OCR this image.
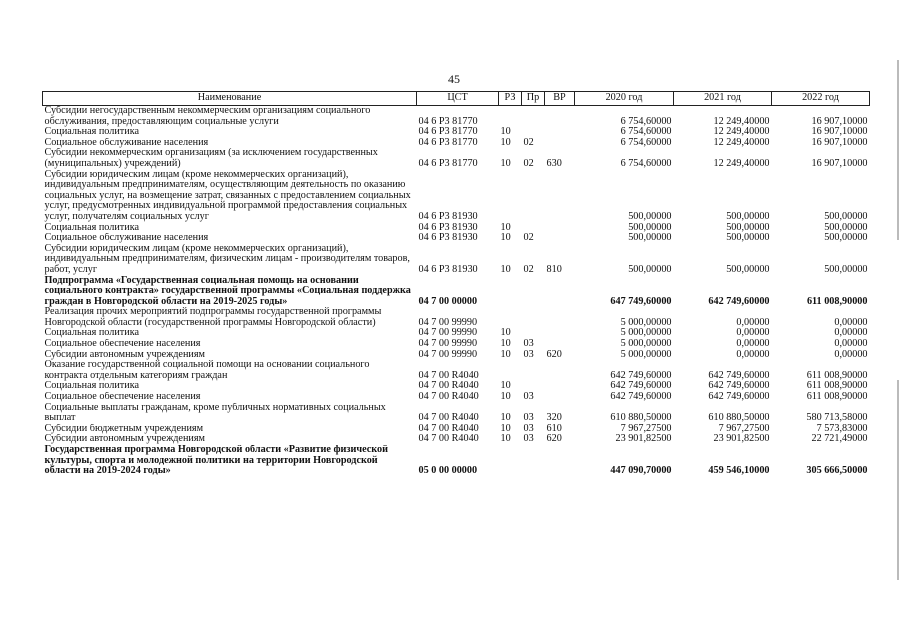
45
Наименование	ЦСТ	РЗ	Пр	ВР	2020 год	2021 год	2022 год
Субсидии негосударственным некоммерческим организациям социального обслуживания, предоставляющим социальные услуги	04 6 P3 81770				6 754,60000	12 249,40000	16 907,10000
Социальная политика	04 6 P3 81770	10			6 754,60000	12 249,40000	16 907,10000
Социальное обслуживание населения	04 6 P3 81770	10	02		6 754,60000	12 249,40000	16 907,10000
Субсидии некоммерческим организациям (за исключением государственных (муниципальных) учреждений)	04 6 P3 81770	10	02	630	6 754,60000	12 249,40000	16 907,10000
Субсидии юридическим лицам (кроме некоммерческих организаций), индивидуальным предпринимателям, осуществляющим деятельность по оказанию социальных услуг, на возмещение затрат, связанных с предоставлением социальных услуг, предусмотренных индивидуальной программой предоставления социальных услуг, получателям социальных услуг	04 6 P3 81930				500,00000	500,00000	500,00000
Социальная политика	04 6 P3 81930	10			500,00000	500,00000	500,00000
Социальное обслуживание населения	04 6 P3 81930	10	02		500,00000	500,00000	500,00000
Субсидии юридическим лицам (кроме некоммерческих организаций), индивидуальным предпринимателям, физическим лицам - производителям товаров, работ, услуг	04 6 P3 81930	10	02	810	500,00000	500,00000	500,00000
Подпрограмма «Государственная социальная помощь на основании социального контракта» государственной программы «Социальная поддержка граждан в Новгородской области на 2019-2025 годы»	04 7 00 00000				647 749,60000	642 749,60000	611 008,90000
Реализация прочих мероприятий подпрограммы государственной программы Новгородской области (государственной программы Новгородской области)	04 7 00 99990				5 000,00000	0,00000	0,00000
Социальная политика	04 7 00 99990	10			5 000,00000	0,00000	0,00000
Социальное обеспечение населения	04 7 00 99990	10	03		5 000,00000	0,00000	0,00000
Субсидии автономным учреждениям	04 7 00 99990	10	03	620	5 000,00000	0,00000	0,00000
Оказание государственной социальной помощи на основании социального контракта отдельным категориям граждан	04 7 00 R4040				642 749,60000	642 749,60000	611 008,90000
Социальная политика	04 7 00 R4040	10			642 749,60000	642 749,60000	611 008,90000
Социальное обеспечение населения	04 7 00 R4040	10	03		642 749,60000	642 749,60000	611 008,90000
Социальные выплаты гражданам, кроме публичных нормативных социальных выплат	04 7 00 R4040	10	03	320	610 880,50000	610 880,50000	580 713,58000
Субсидии бюджетным учреждениям	04 7 00 R4040	10	03	610	7 967,27500	7 967,27500	7 573,83000
Субсидии автономным учреждениям	04 7 00 R4040	10	03	620	23 901,82500	23 901,82500	22 721,49000
Государственная программа Новгородской области «Развитие физической культуры, спорта и молодежной политики на территории Новгородской области на 2019-2024 годы»	05 0 00 00000				447 090,70000	459 546,10000	305 666,50000
